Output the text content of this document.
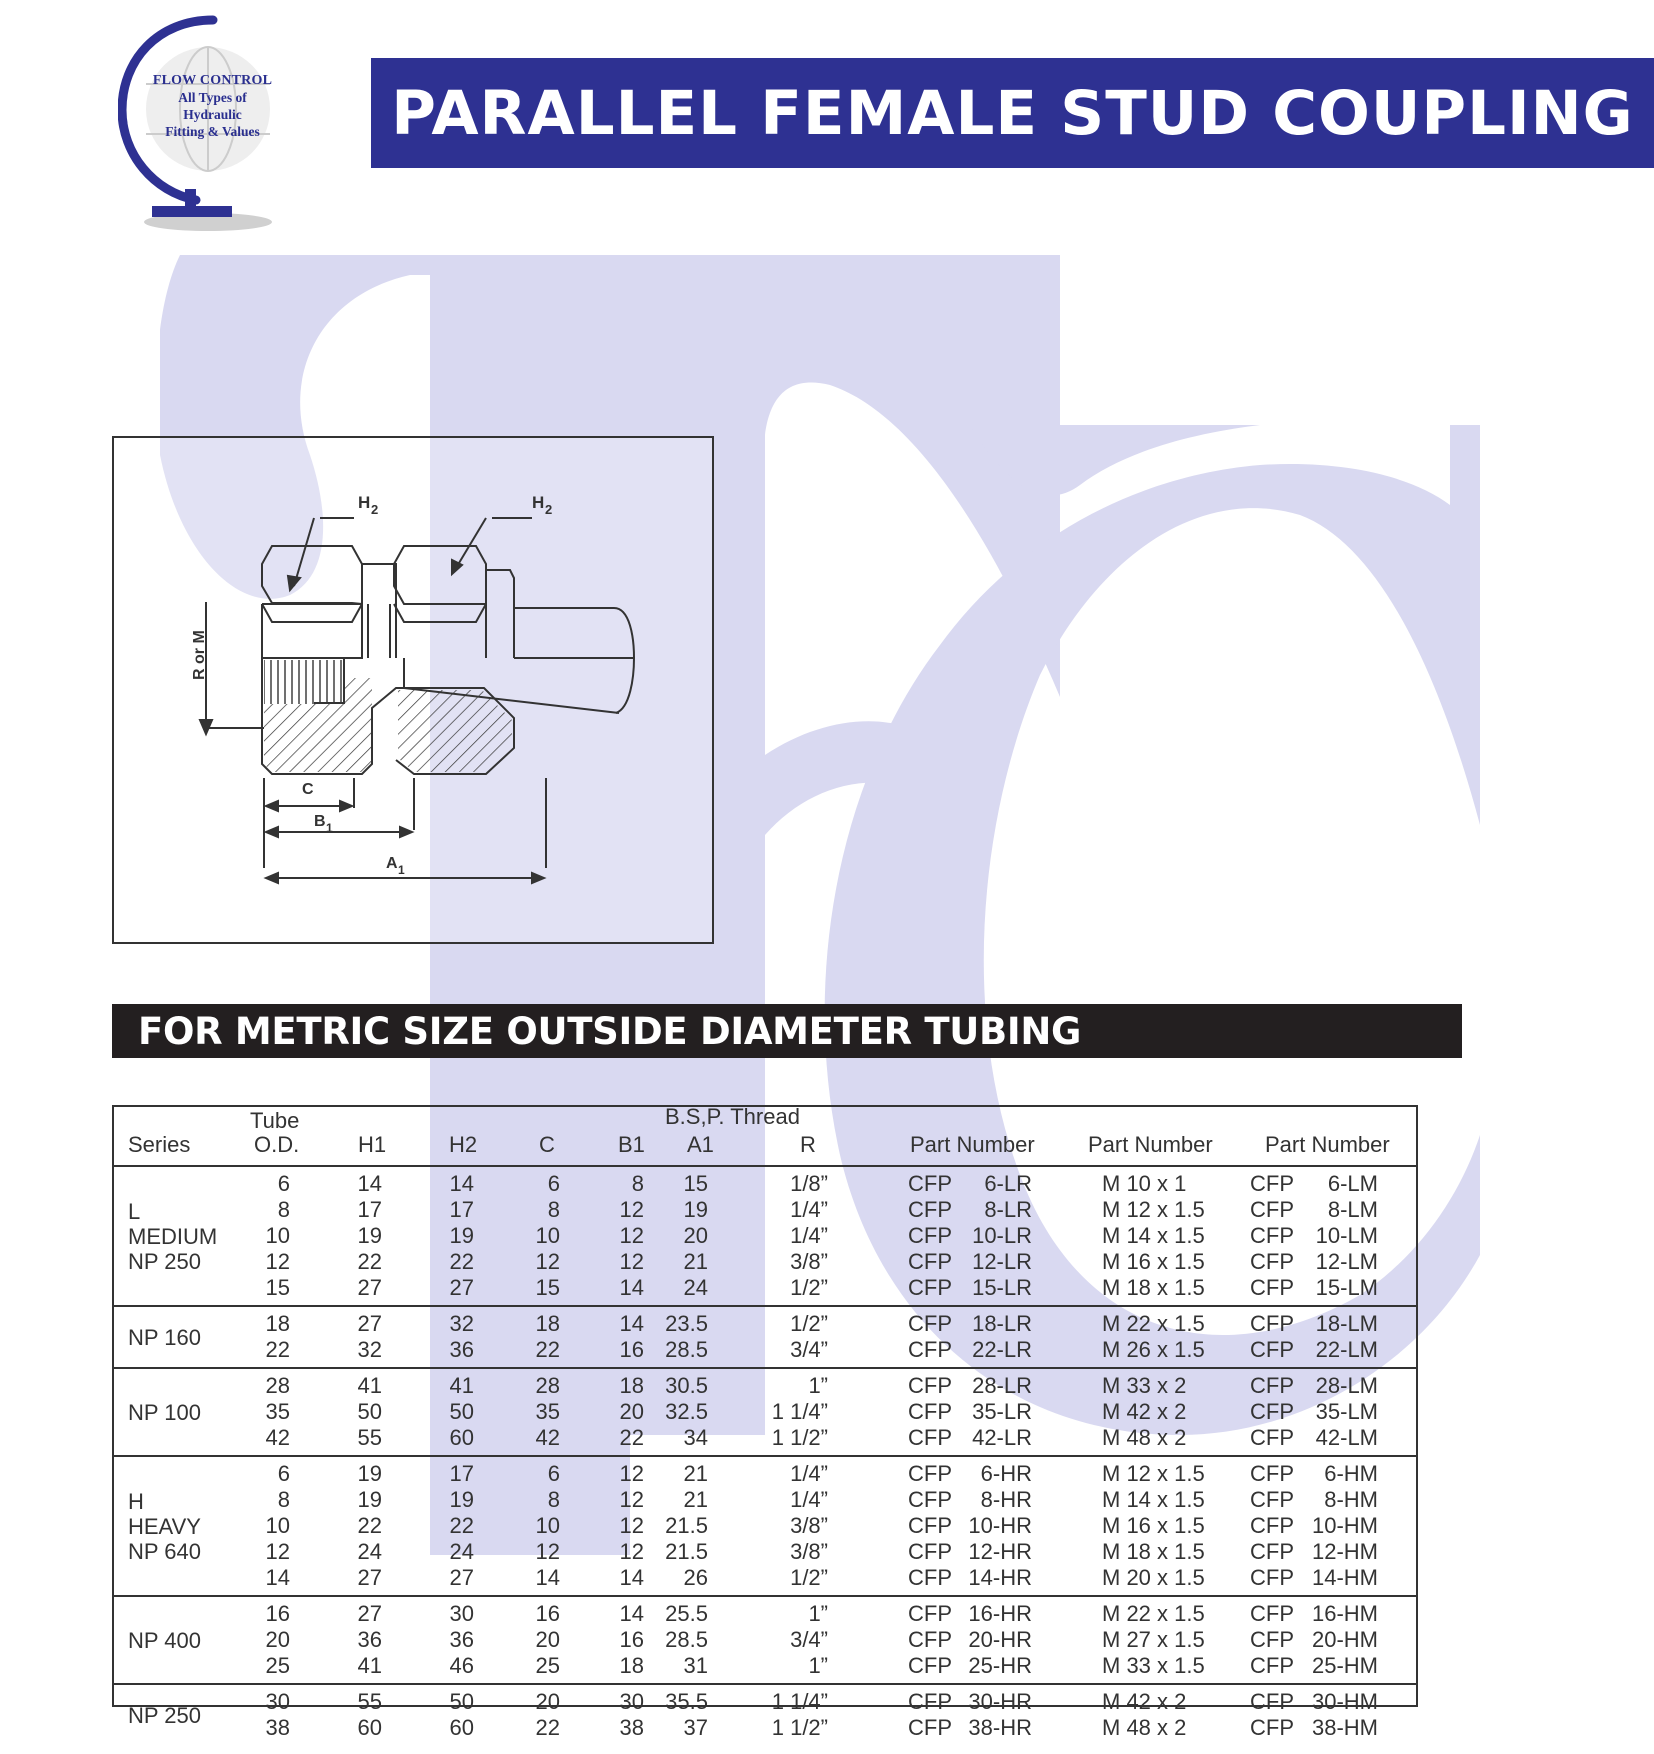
FLOW CONTROL
All Types of
Hydraulic
Fitting & Values	PARALLEL FEMALE STUD COUPLING
H 2	H 2
R or M
C
B 1
A 1
FOR METRIC SIZE OUTSIDE DIAMETER TUBING
Series
Tube
O.D.	H1	H2	C
B.S,P. Thread
B1 A1	R	Part Number Part Number Part Number
L
MEDIUM
NP 250
6	14	14	6	8 15	1/8”	CFP 6-LR	M 10 x 1	CFP 6-LM
8	17	17	8	12 19	1/4”	CFP 8-LR	M 12 x 1.5 CFP 8-LM
10	19	19	10	12 20	1/4”	CFP 10-LR	M 14 x 1.5 CFP 10-LM
12	22	22	12	12 21	3/8”	CFP 12-LR	M 16 x 1.5 CFP 12-LM
15	27	27	15	14 24	1/2”	CFP 15-LR	M 18 x 1.5 CFP 15-LM
NP 160
18	27	32	18	14 23.5	1/2”	CFP 18-LR	M 22 x 1.5 CFP 18-LM
22	32	36	22	16 28.5	3/4”	CFP 22-LR	M 26 x 1.5 CFP 22-LM
NP 100
28	41	41	28	18 30.5	1”	CFP 28-LR	M 33 x 2	CFP 28-LM
35	50	50	35	20 32.5	1 1/4”	CFP 35-LR	M 42 x 2	CFP 35-LM
42	55	60	42	22 34	1 1/2”	CFP 42-LR	M 48 x 2	CFP 42-LM
H
HEAVY
NP 640
6	19	17	6	12 21	1/4”	CFP 6-HR	M 12 x 1.5 CFP 6-HM
8	19	19	8	12 21	1/4”	CFP 8-HR	M 14 x 1.5 CFP 8-HM
10	22	22	10	12 21.5	3/8”	CFP 10-HR	M 16 x 1.5 CFP 10-HM
12	24	24	12	12 21.5	3/8”	CFP 12-HR	M 18 x 1.5 CFP 12-HM
14	27	27	14	14 26	1/2”	CFP 14-HR	M 20 x 1.5 CFP 14-HM
NP 400
16	27	30	16	14 25.5	1”	CFP 16-HR	M 22 x 1.5 CFP 16-HM
20	36	36	20	16 28.5	3/4”	CFP 20-HR	M 27 x 1.5 CFP 20-HM
25	41	46	25	18 31	1”	CFP 25-HR	M 33 x 1.5 CFP 25-HM
NP 250
30	55	50	20	30 35.5	1 1/4”	CFP 30-HR	M 42 x 2	CFP 30-HM
38	60	60	22	38 37	1 1/2”	CFP 38-HR	M 48 x 2	CFP 38-HM
